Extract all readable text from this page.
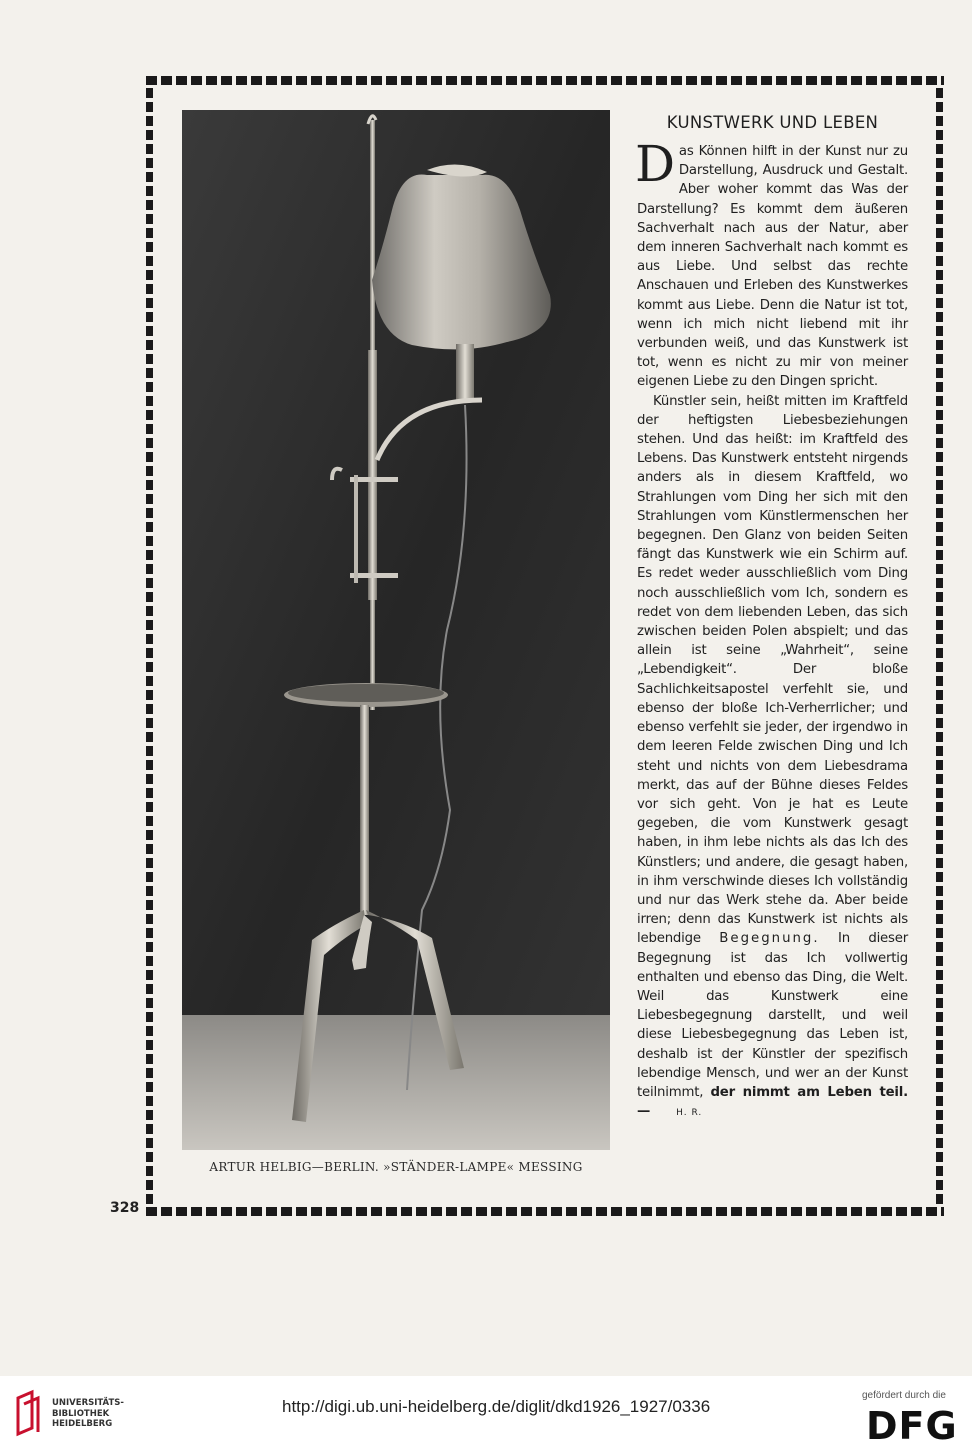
328
ARTUR HELBIG—BERLIN. »STÄNDER-LAMPE« MESSING
KUNSTWERK UND LEBEN

Das Können hilft in der Kunst nur zu Darstellung, Ausdruck und Gestalt. Aber woher kommt das Was der Darstellung? Es kommt dem äußeren Sachverhalt nach aus der Natur, aber dem inneren Sachverhalt nach kommt es aus Liebe. Und selbst das rechte Anschauen und Erleben des Kunstwerkes kommt aus Liebe. Denn die Natur ist tot, wenn ich mich nicht liebend mit ihr verbunden weiß, und das Kunstwerk ist tot, wenn es nicht zu mir von meiner eigenen Liebe zu den Dingen spricht.

Künstler sein, heißt mitten im Kraftfeld der heftigsten Liebesbeziehungen stehen. Und das heißt: im Kraftfeld des Lebens. Das Kunstwerk entsteht nirgends anders als in diesem Kraftfeld, wo Strahlungen vom Ding her sich mit den Strahlungen vom Künstlermenschen her begegnen. Den Glanz von beiden Seiten fängt das Kunstwerk wie ein Schirm auf. Es redet weder ausschließlich vom Ding noch ausschließlich vom Ich, sondern es redet von dem liebenden Leben, das sich zwischen beiden Polen abspielt; und das allein ist seine „Wahrheit“, seine „Lebendigkeit“. Der bloße Sachlichkeitsapostel verfehlt sie, und ebenso der bloße Ich-Verherrlicher; und ebenso verfehlt sie jeder, der irgendwo in dem leeren Felde zwischen Ding und Ich steht und nichts von dem Liebesdrama merkt, das auf der Bühne dieses Feldes vor sich geht. Von je hat es Leute gegeben, die vom Kunstwerk gesagt haben, in ihm lebe nichts als das Ich des Künstlers; und andere, die gesagt haben, in ihm verschwinde dieses Ich vollständig und nur das Werk stehe da. Aber beide irren; denn das Kunstwerk ist nichts als lebendige Begegnung. In dieser Begegnung ist das Ich vollwertig enthalten und ebenso das Ding, die Welt. Weil das Kunstwerk eine Liebesbegegnung darstellt, und weil diese Liebesbegegnung das Leben ist, deshalb ist der Künstler der spezifisch lebendige Mensch, und wer an der Kunst teilnimmt, der nimmt am Leben teil. —	H. R.

UNIVERSITÄTS-
BIBLIOTHEK
HEIDELBERG
http://digi.ub.uni-heidelberg.de/diglit/dkd1926_1927/0336
gefördert durch die
DFG
